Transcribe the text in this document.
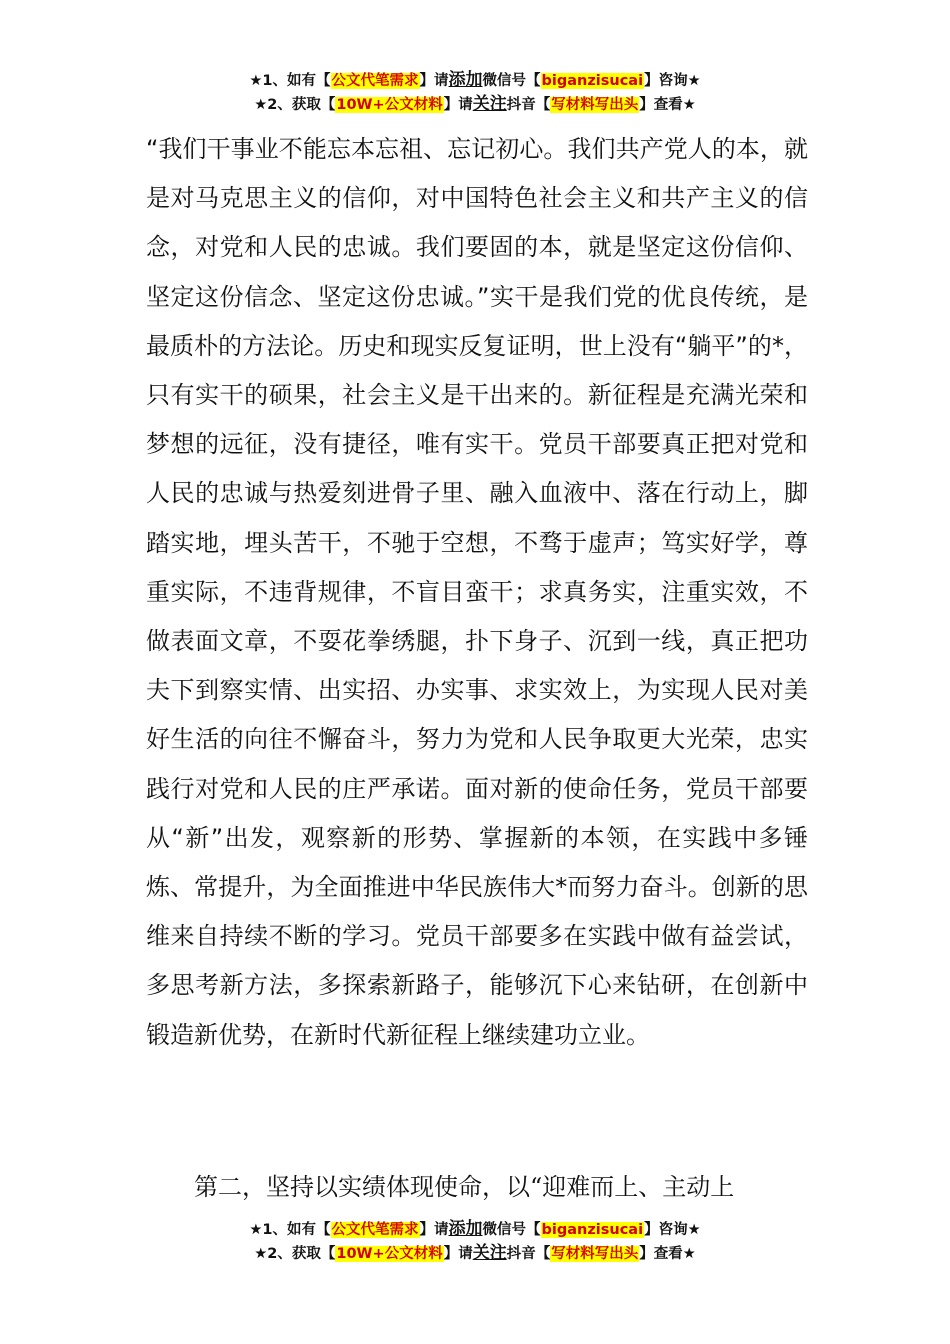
★1、如有【公文代笔需求】请添加微信号【biganzisucai】咨询★
★2、获取【10W+公文材料】请关注抖音【写材料写出头】查看★

“我们干事业不能忘本忘祖、忘记初心。我们共产党人的本，就是对马克思主义的信仰，对中国特色社会主义和共产主义的信念，对党和人民的忠诚。我们要固的本，就是坚定这份信仰、坚定这份信念、坚定这份忠诚。”实干是我们党的优良传统，是最质朴的方法论。历史和现实反复证明，世上没有“躺平”的*，只有实干的硕果，社会主义是干出来的。新征程是充满光荣和梦想的远征，没有捷径，唯有实干。党员干部要真正把对党和人民的忠诚与热爱刻进骨子里、融入血液中、落在行动上，脚踏实地，埋头苦干，不驰于空想，不骛于虚声；笃实好学，尊重实际，不违背规律，不盲目蛮干；求真务实，注重实效，不做表面文章，不耍花拳绣腿，扑下身子、沉到一线，真正把功夫下到察实情、出实招、办实事、求实效上，为实现人民对美好生活的向往不懈奋斗，努力为党和人民争取更大光荣，忠实践行对党和人民的庄严承诺。面对新的使命任务，党员干部要从“新”出发，观察新的形势、掌握新的本领，在实践中多锤炼、常提升，为全面推进中华民族伟大*而努力奋斗。创新的思维来自持续不断的学习。党员干部要多在实践中做有益尝试，多思考新方法，多探索新路子，能够沉下心来钻研，在创新中锻造新优势，在新时代新征程上继续建功立业。

第二，坚持以实绩体现使命，以“迎难而上、主动上

★1、如有【公文代笔需求】请添加微信号【biganzisucai】咨询★
★2、获取【10W+公文材料】请关注抖音【写材料写出头】查看★
